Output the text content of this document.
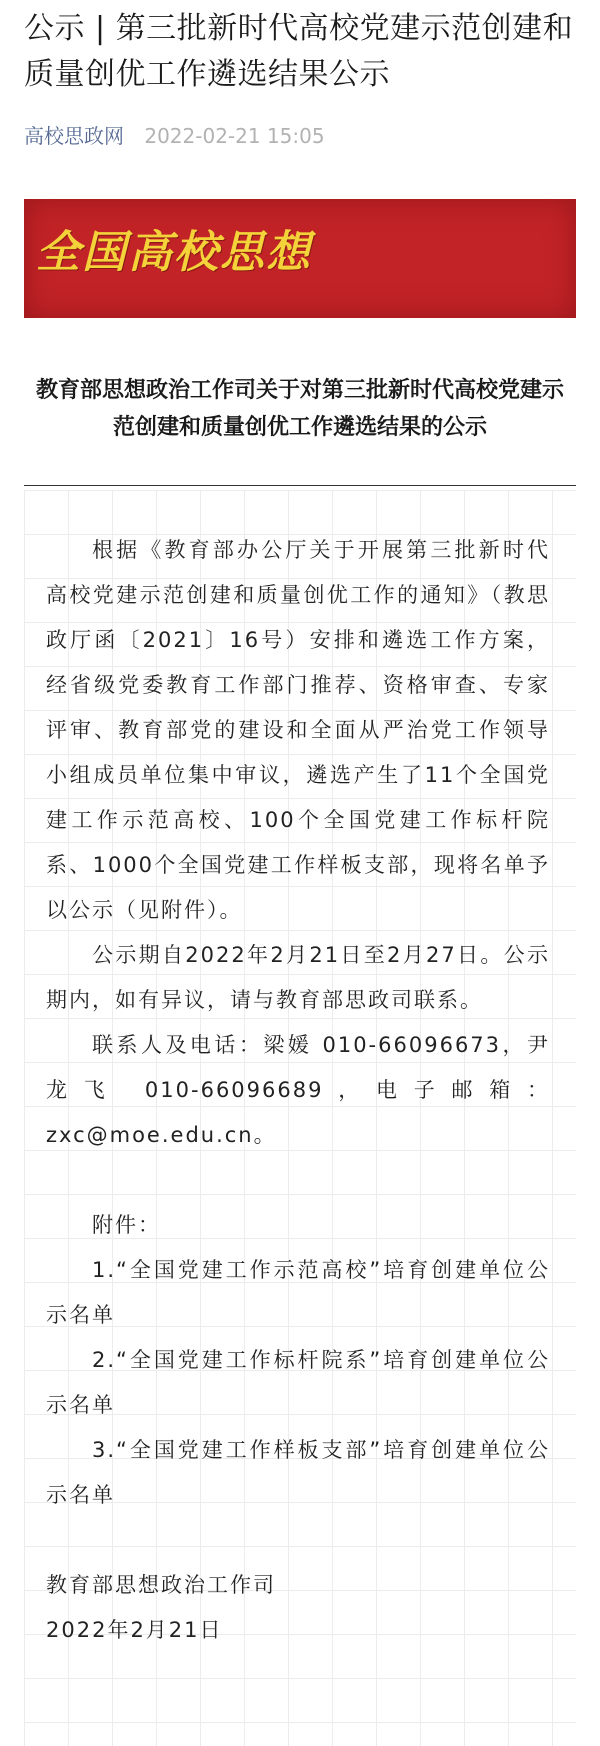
公示 | 第三批新时代高校党建示范创建和质量创优工作遴选结果公示
高校思政网 2022-02-21 15:05
全国高校思想
教育部思想政治工作司关于对第三批新时代高校党建示范创建和质量创优工作遴选结果的公示

根据《教育部办公厅关于开展第三批新时代高校党建示范创建和质量创优工作的通知》（教思政厅函〔2021〕16号）安排和遴选工作方案，经省级党委教育工作部门推荐、资格审查、专家评审、教育部党的建设和全面从严治党工作领导小组成员单位集中审议，遴选产生了11个全国党建工作示范高校、100个全国党建工作标杆院系、1000个全国党建工作样板支部，现将名单予以公示（见附件）。

公示期自2022年2月21日至2月27日。公示期内，如有异议，请与教育部思政司联系。

联系人及电话：梁媛 010-66096673，尹龙飞 010-66096689，电子邮箱：zxc@moe.edu.cn。

附件：

1.“全国党建工作示范高校”培育创建单位公示名单

2.“全国党建工作标杆院系”培育创建单位公示名单

3.“全国党建工作样板支部”培育创建单位公示名单

教育部思想政治工作司

2022年2月21日
